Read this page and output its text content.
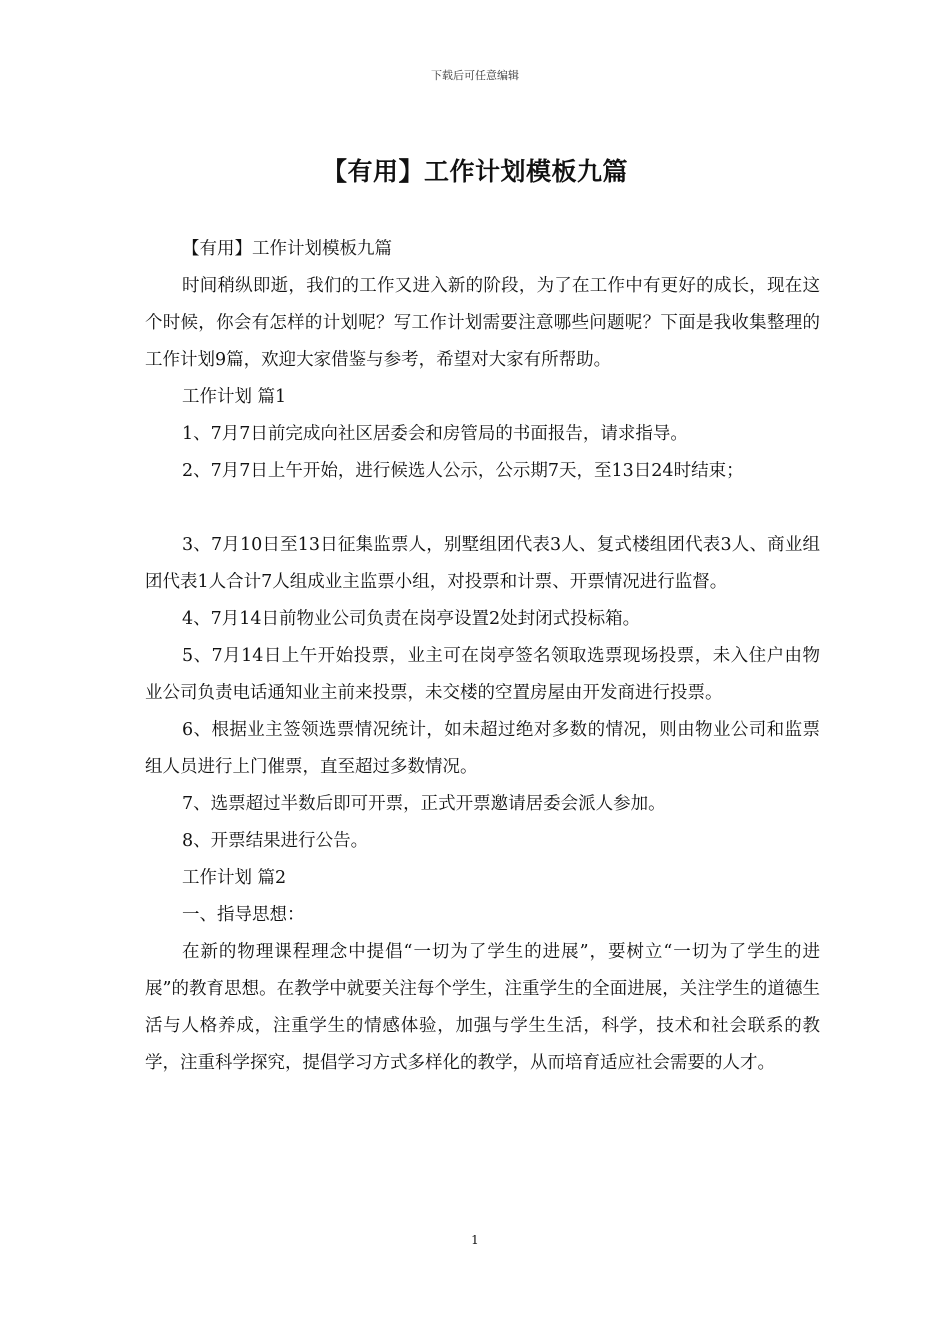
下载后可任意编辑
【有用】工作计划模板九篇

【有用】工作计划模板九篇

时间稍纵即逝，我们的工作又进入新的阶段，为了在工作中有更好的成长，现在这个时候，你会有怎样的计划呢？写工作计划需要注意哪些问题呢？下面是我收集整理的工作计划9篇，欢迎大家借鉴与参考，希望对大家有所帮助。

工作计划 篇1

1、7月7日前完成向社区居委会和房管局的书面报告，请求指导。

2、7月7日上午开始，进行候选人公示，公示期7天，至13日24时结束；

3、7月10日至13日征集监票人，别墅组团代表3人、复式楼组团代表3人、商业组团代表1人合计7人组成业主监票小组，对投票和计票、开票情况进行监督。

4、7月14日前物业公司负责在岗亭设置2处封闭式投标箱。

5、7月14日上午开始投票，业主可在岗亭签名领取选票现场投票，未入住户由物业公司负责电话通知业主前来投票，未交楼的空置房屋由开发商进行投票。

6、根据业主签领选票情况统计，如未超过绝对多数的情况，则由物业公司和监票组人员进行上门催票，直至超过多数情况。

7、选票超过半数后即可开票，正式开票邀请居委会派人参加。

8、开票结果进行公告。

工作计划 篇2

一、指导思想：

在新的物理课程理念中提倡“一切为了学生的进展”，要树立“一切为了学生的进展”的教育思想。在教学中就要关注每个学生，注重学生的全面进展，关注学生的道德生活与人格养成，注重学生的情感体验，加强与学生生活，科学，技术和社会联系的教学，注重科学探究，提倡学习方式多样化的教学，从而培育适应社会需要的人才。

1
